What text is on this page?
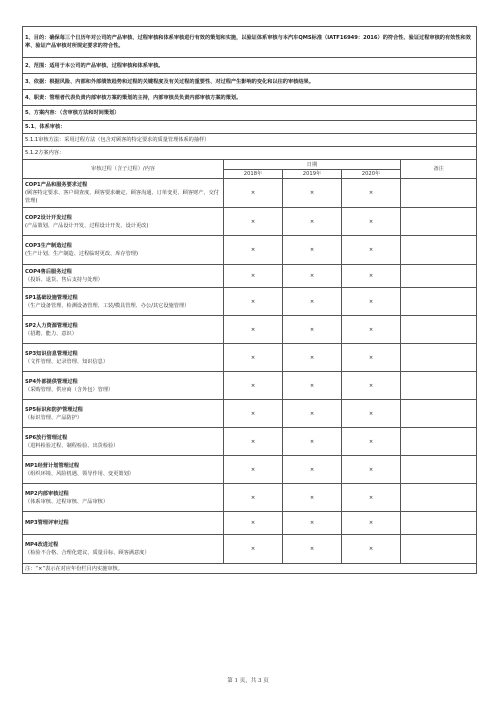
1、目的：确保每三个日历年对公司的产品审核、过程审核和体系审核进行有效的策划和实施，以验证体系审核与本汽车QMS标准（IATF16949：2016）的符合性、验证过程审核的有效性和效率、验证产品审核对所规定要求的符合性。				
2、范围：适用于本公司的产品审核、过程审核和体系审核。				
3、依据：根据风险、内部和外部绩效趋势和过程的关键程度及有关过程的重要性、对过程产生影响的变化和以往的审核结果。				
4、职责：管理者代表负责内部审核方案的策划的主持，内部审核员负责内部审核方案的策划。				
5、方案内容：（含审核方法和时间策划）				
5.1、体系审核：				
5.1.1审核方法：采用过程方法（包含对顾客的特定要求的质量管理体系的抽样）				
5.1.2方案内容：				
审核过程（含子过程）/内容	日期			备注
	2018年	2019年	2020年	

COP1产品和服务要求过程
(顾客特定要求、客户调查度、顾客要求确定、顾客沟通、订单变更、顾客财产、交付管理)	×	×	×	

COP2设计开发过程
(产品策划、产品设计开发、过程设计开发、设计更改)	×	×	×	

COP3生产制造过程
(生产计划、生产制造、过程临时更改、库存管理)	×	×	×	

COP4售后服务过程
（投诉、退货、售后支持与处理）	×	×	×	

SP1基础设施管理过程
（生产设备管理、检测设备管理、工装/模具管理、办公/其它设施管理）	×	×	×	

SP2人力资源管理过程
（招聘、能力、意识）	×	×	×	

SP3知识信息管理过程
（文件管理、记录管理、知识信息）	×	×	×	

SP4外部提供管理过程
（采购管理、供应商（含外包）管理）	×	×	×	

SP5标识和防护管理过程
（标识管理、产品防护）	×	×	×	

SP6放行管理过程
（进料检验过程、制程检验、出货检验）	×	×	×	

MP1经营计划管理过程
（组织环境、风险机遇、领导作用、变更策划）	×	×	×	

MP2内部审核过程
（体系审核、过程审核、产品审核）	×	×	×	

MP3管理评审过程	×	×	×	

MP4改进过程
（检验不合格、合理化建议、质量目标、顾客满意度）	×	×	×	
注：“×”表示在对应年份栏目内实施审核。				
第 1 页，共 3 页
